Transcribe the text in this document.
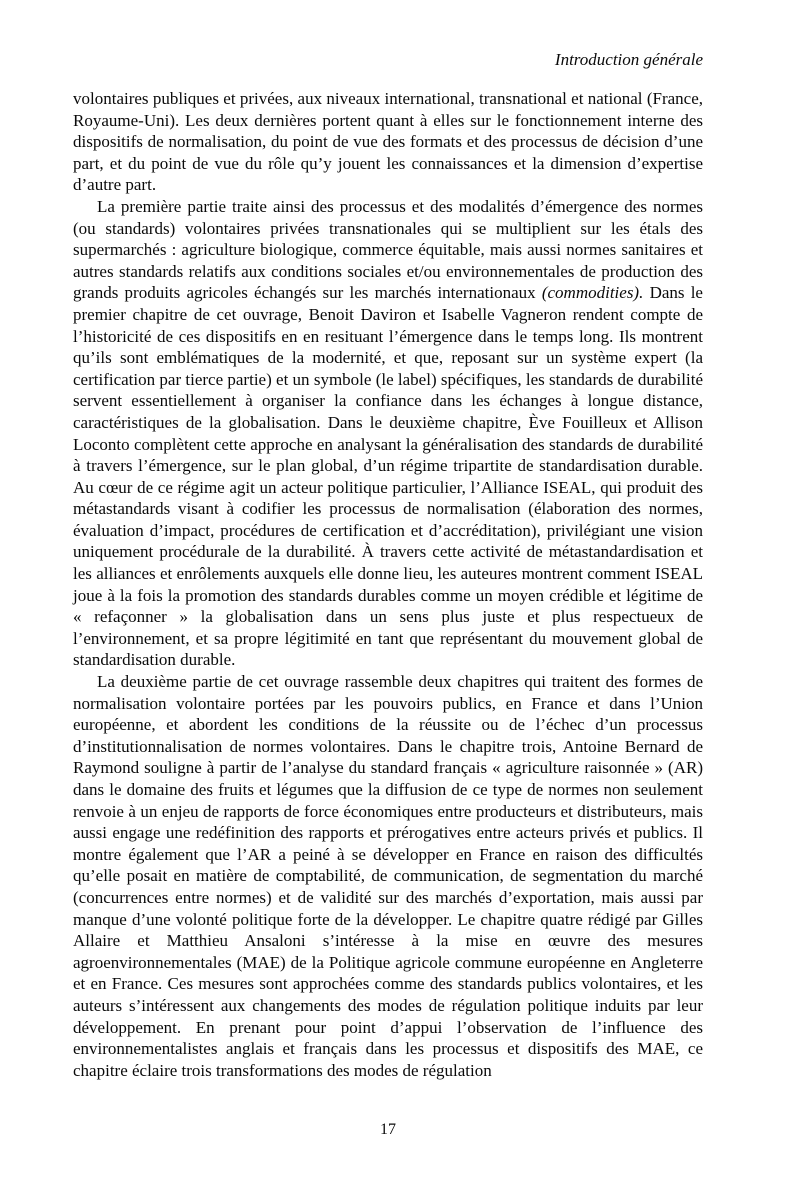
Introduction générale

volontaires publiques et privées, aux niveaux international, transnational et national (France, Royaume-Uni). Les deux dernières portent quant à elles sur le fonctionnement interne des dispositifs de normalisation, du point de vue des formats et des processus de décision d’une part, et du point de vue du rôle qu’y jouent les connaissances et la dimension d’expertise d’autre part.

La première partie traite ainsi des processus et des modalités d’émergence des normes (ou standards) volontaires privées transnationales qui se multiplient sur les étals des supermarchés : agriculture biologique, commerce équitable, mais aussi normes sanitaires et autres standards relatifs aux conditions sociales et/ou environnementales de production des grands produits agricoles échangés sur les marchés internationaux (commodities). Dans le premier chapitre de cet ouvrage, Benoit Daviron et Isabelle Vagneron rendent compte de l’historicité de ces dispositifs en en resituant l’émergence dans le temps long. Ils montrent qu’ils sont emblématiques de la modernité, et que, reposant sur un système expert (la certification par tierce partie) et un symbole (le label) spécifiques, les standards de durabilité servent essentiellement à organiser la confiance dans les échanges à longue distance, caractéristiques de la globalisation. Dans le deuxième chapitre, Ève Fouilleux et Allison Loconto complètent cette approche en analysant la généralisation des standards de durabilité à travers l’émergence, sur le plan global, d’un régime tripartite de standardisation durable. Au cœur de ce régime agit un acteur politique particulier, l’Alliance ISEAL, qui produit des métastandards visant à codifier les processus de normalisation (élaboration des normes, évaluation d’impact, procédures de certification et d’accréditation), privilégiant une vision uniquement procédurale de la durabilité. À travers cette activité de métastandardisation et les alliances et enrôlements auxquels elle donne lieu, les auteures montrent comment ISEAL joue à la fois la promotion des standards durables comme un moyen crédible et légitime de « refaçonner » la globalisation dans un sens plus juste et plus respectueux de l’environnement, et sa propre légitimité en tant que représentant du mouvement global de standardisation durable.

La deuxième partie de cet ouvrage rassemble deux chapitres qui traitent des formes de normalisation volontaire portées par les pouvoirs publics, en France et dans l’Union européenne, et abordent les conditions de la réussite ou de l’échec d’un processus d’institutionnalisation de normes volontaires. Dans le chapitre trois, Antoine Bernard de Raymond souligne à partir de l’analyse du standard français « agriculture raisonnée » (AR) dans le domaine des fruits et légumes que la diffusion de ce type de normes non seulement renvoie à un enjeu de rapports de force économiques entre producteurs et distributeurs, mais aussi engage une redéfinition des rapports et prérogatives entre acteurs privés et publics. Il montre également que l’AR a peiné à se développer en France en raison des difficultés qu’elle posait en matière de comptabilité, de communication, de segmentation du marché (concurrences entre normes) et de validité sur des marchés d’exportation, mais aussi par manque d’une volonté politique forte de la développer. Le chapitre quatre rédigé par Gilles Allaire et Matthieu Ansaloni s’intéresse à la mise en œuvre des mesures agroenvironnementales (MAE) de la Politique agricole commune européenne en Angleterre et en France. Ces mesures sont approchées comme des standards publics volontaires, et les auteurs s’intéressent aux changements des modes de régulation politique induits par leur développement. En prenant pour point d’appui l’observation de l’influence des environnementalistes anglais et français dans les processus et dispositifs des MAE, ce chapitre éclaire trois transformations des modes de régulation

17
